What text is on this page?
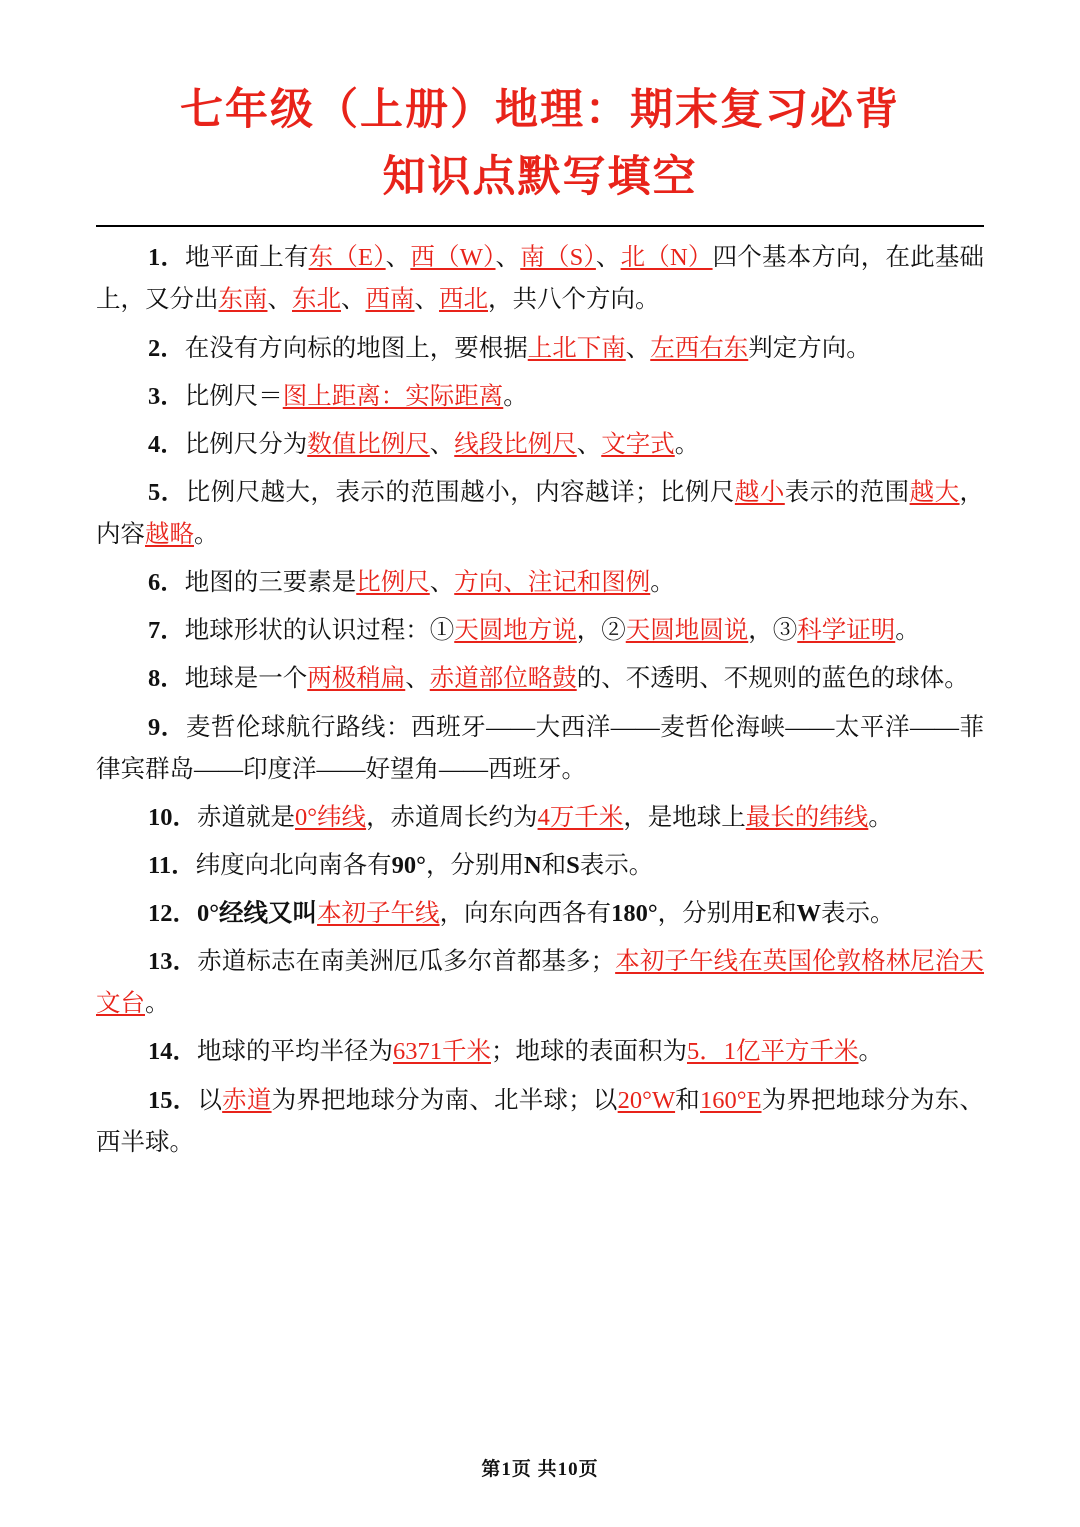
七年级（上册）地理：期末复习必背
知识点默写填空

1．地平面上有东（E）、西（W）、南（S）、北（N）四个基本方向，在此基础上，又分出东南、东北、西南、西北，共八个方向。

2．在没有方向标的地图上，要根据上北下南、左西右东判定方向。

3．比例尺＝图上距离：实际距离。

4．比例尺分为数值比例尺、线段比例尺、文字式。

5．比例尺越大，表示的范围越小，内容越详；比例尺越小表示的范围越大，内容越略。

6．地图的三要素是比例尺、方向、注记和图例。

7．地球形状的认识过程：①天圆地方说，②天圆地圆说，③科学证明。

8．地球是一个两极稍扁、赤道部位略鼓的、不透明、不规则的蓝色的球体。

9．麦哲伦球航行路线：西班牙——大西洋——麦哲伦海峡——太平洋——菲律宾群岛——印度洋——好望角——西班牙。

10．赤道就是0°纬线，赤道周长约为4万千米，是地球上最长的纬线。

11．纬度向北向南各有90°，分别用N和S表示。

12．0°经线又叫本初子午线，向东向西各有180°，分别用E和W表示。

13．赤道标志在南美洲厄瓜多尔首都基多；本初子午线在英国伦敦格林尼治天文台。

14．地球的平均半径为6371千米；地球的表面积为5．1亿平方千米。

15．以赤道为界把地球分为南、北半球；以20°W和160°E为界把地球分为东、西半球。

第1页 共10页
